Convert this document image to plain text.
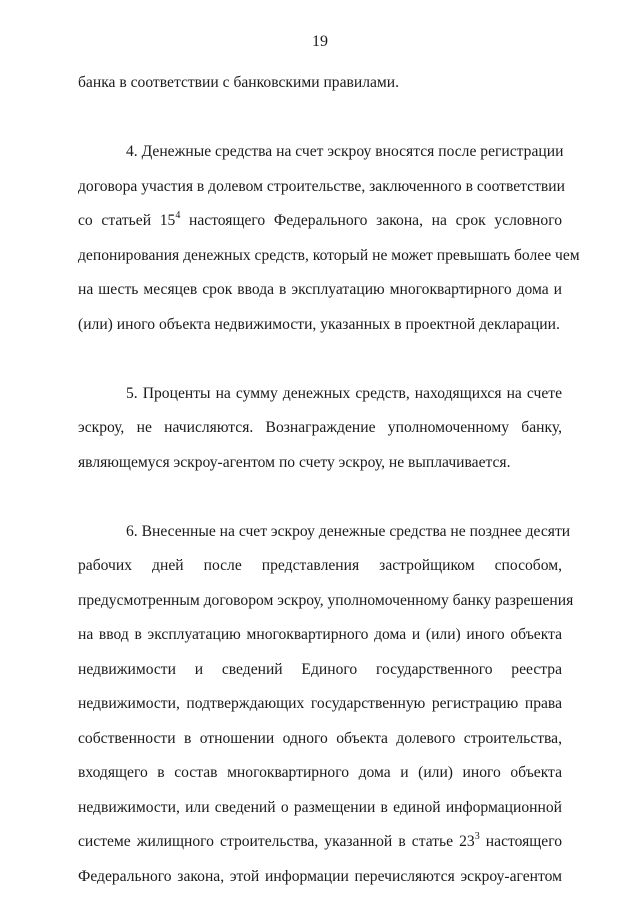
19
банка в соответствии с банковскими правилами.
4. Денежные средства на счет эскроу вносятся после регистрации
договора участия в долевом строительстве, заключенного в соответствии
со статьей $15^4$ настоящего Федерального закона, на срок условного
депонирования денежных средств, который не может превышать более чем
на шесть месяцев срок ввода в эксплуатацию многоквартирного дома и
(или) иного объекта недвижимости, указанных в проектной декларации.
5. Проценты на сумму денежных средств, находящихся на счете
эскроу, не начисляются. Вознаграждение уполномоченному банку,
являющемуся эскроу-агентом по счету эскроу, не выплачивается.
6. Внесенные на счет эскроу денежные средства не позднее десяти
рабочих дней после представления застройщиком способом,
предусмотренным договором эскроу, уполномоченному банку разрешения
на ввод в эксплуатацию многоквартирного дома и (или) иного объекта
недвижимости и сведений Единого государственного реестра
недвижимости, подтверждающих государственную регистрацию права
собственности в отношении одного объекта долевого строительства,
входящего в состав многоквартирного дома и (или) иного объекта
недвижимости, или сведений о размещении в единой информационной
системе жилищного строительства, указанной в статье $23^3$ настоящего
Федерального закона, этой информации перечисляются эскроу-агентом
